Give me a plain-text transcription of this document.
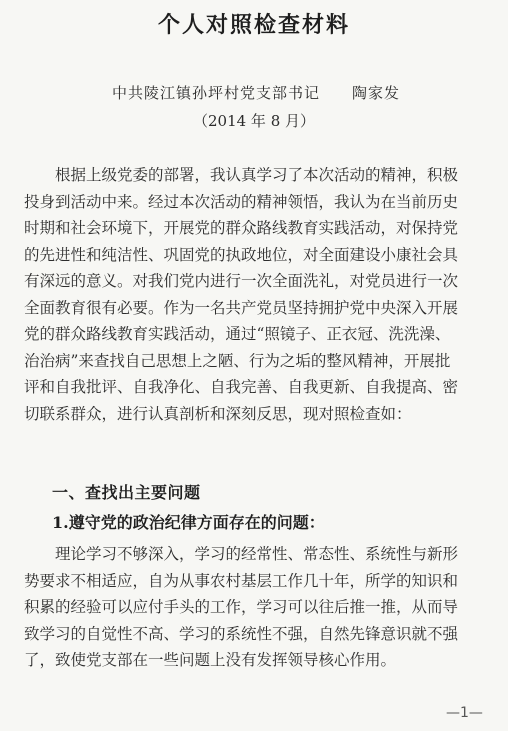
个人对照检查材料
中共陵江镇孙坪村党支部书记　　陶家发
（2014 年 8 月）
根据上级党委的部署，我认真学习了本次活动的精神，积极
投身到活动中来。经过本次活动的精神领悟，我认为在当前历史
时期和社会环境下，开展党的群众路线教育实践活动，对保持党
的先进性和纯洁性、巩固党的执政地位，对全面建设小康社会具
有深远的意义。对我们党内进行一次全面洗礼，对党员进行一次
全面教育很有必要。作为一名共产党员坚持拥护党中央深入开展
党的群众路线教育实践活动，通过“照镜子、正衣冠、洗洗澡、
治治病”来查找自己思想上之陋、行为之垢的整风精神，开展批
评和自我批评、自我净化、自我完善、自我更新、自我提高、密
切联系群众，进行认真剖析和深刻反思，现对照检查如：
一、查找出主要问题
1.遵守党的政治纪律方面存在的问题：
理论学习不够深入，学习的经常性、常态性、系统性与新形
势要求不相适应，自为从事农村基层工作几十年，所学的知识和
积累的经验可以应付手头的工作，学习可以往后推一推，从而导
致学习的自觉性不高、学习的系统性不强，自然先锋意识就不强
了，致使党支部在一些问题上没有发挥领导核心作用。
—1—
